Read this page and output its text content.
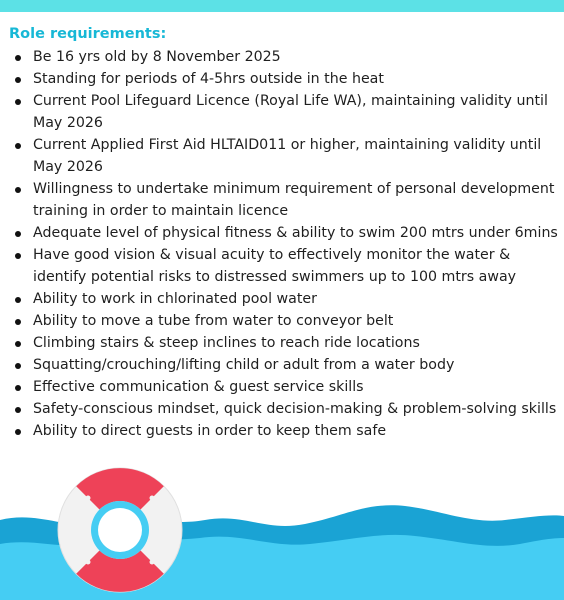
Role requirements:
Be 16 yrs old by 8 November 2025
Standing for periods of 4-5hrs outside in the heat
Current Pool Lifeguard Licence (Royal Life WA), maintaining validity until May 2026
Current Applied First Aid HLTAID011 or higher, maintaining validity until May 2026
Willingness to undertake minimum requirement of personal development training in order to maintain licence
Adequate level of physical fitness & ability to swim 200 mtrs under 6mins
Have good vision & visual acuity to effectively monitor the water & identify potential risks to distressed swimmers up to 100 mtrs away
Ability to work in chlorinated pool water
Ability to move a tube from water to conveyor belt
Climbing stairs & steep inclines to reach ride locations
Squatting/crouching/lifting child or adult from a water body
Effective communication & guest service skills
Safety-conscious mindset, quick decision-making & problem-solving skills
Ability to direct guests in order to keep them safe
